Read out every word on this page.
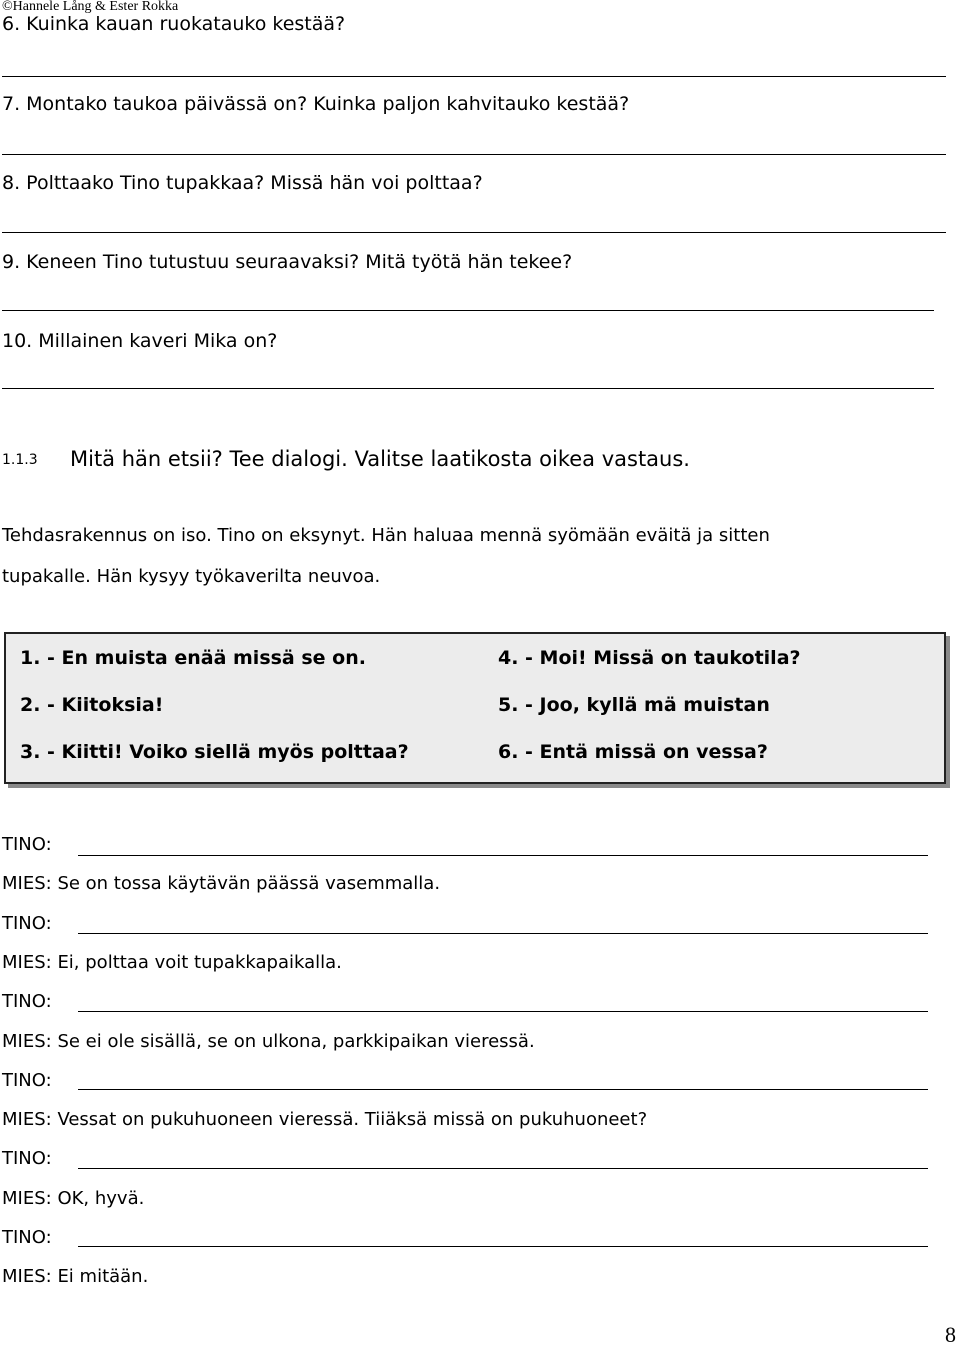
©Hannele Lång & Ester Rokka
6. Kuinka kauan ruokatauko kestää?
7. Montako taukoa päivässä on? Kuinka paljon kahvitauko kestää?
8. Polttaako Tino tupakkaa? Missä hän voi polttaa?
9. Keneen Tino tutustuu seuraavaksi? Mitä työtä hän tekee?
10. Millainen kaveri Mika on?
1.1.3 Mitä hän etsii? Tee dialogi. Valitse laatikosta oikea vastaus.
Tehdasrakennus on iso. Tino on eksynyt. Hän haluaa mennä syömään eväitä ja sitten
tupakalle. Hän kysyy työkaverilta neuvoa.
1. - En muista enää missä se on.
2. - Kiitoksia!
3. - Kiitti! Voiko siellä myös polttaa?
4. - Moi! Missä on taukotila?
5. - Joo, kyllä mä muistan
6. - Entä missä on vessa?
TINO:
MIES: Se on tossa käytävän päässä vasemmalla.
TINO:
MIES: Ei, polttaa voit tupakkapaikalla.
TINO:
MIES: Se ei ole sisällä, se on ulkona, parkkipaikan vieressä.
TINO:
MIES: Vessat on pukuhuoneen vieressä. Tiiäksä missä on pukuhuoneet?
TINO:
MIES: OK, hyvä.
TINO:
MIES: Ei mitään.
8
